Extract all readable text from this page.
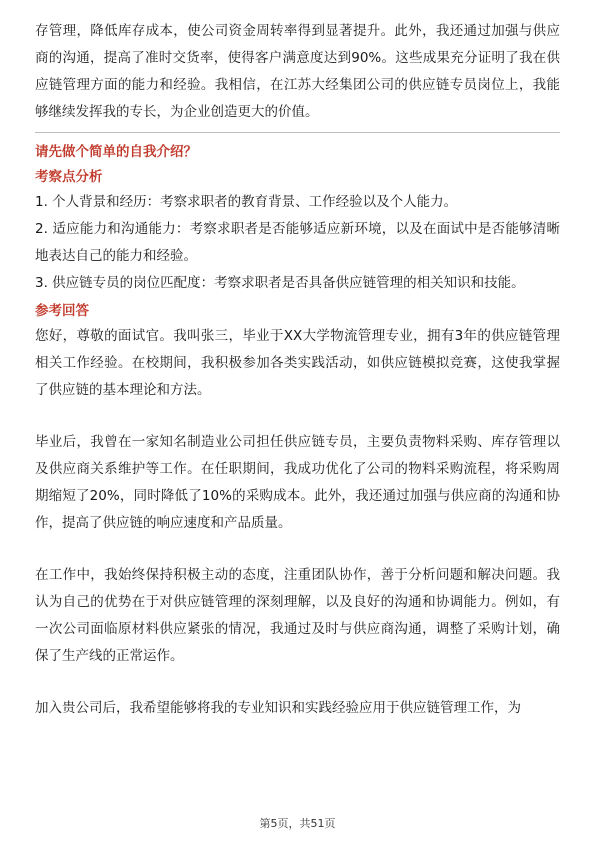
存管理，降低库存成本，使公司资金周转率得到显著提升。此外，我还通过加强与供应商的沟通，提高了准时交货率，使得客户满意度达到90%。这些成果充分证明了我在供应链管理方面的能力和经验。我相信，在江苏大经集团公司的供应链专员岗位上，我能够继续发挥我的专长，为企业创造更大的价值。

请先做个简单的自我介绍？

考察点分析

1. 个人背景和经历：考察求职者的教育背景、工作经验以及个人能力。

2. 适应能力和沟通能力：考察求职者是否能够适应新环境，以及在面试中是否能够清晰地表达自己的能力和经验。

3. 供应链专员的岗位匹配度：考察求职者是否具备供应链管理的相关知识和技能。

参考回答

您好，尊敬的面试官。我叫张三，毕业于XX大学物流管理专业，拥有3年的供应链管理相关工作经验。在校期间，我积极参加各类实践活动，如供应链模拟竞赛，这使我掌握了供应链的基本理论和方法。

毕业后，我曾在一家知名制造业公司担任供应链专员，主要负责物料采购、库存管理以及供应商关系维护等工作。在任职期间，我成功优化了公司的物料采购流程，将采购周期缩短了20%，同时降低了10%的采购成本。此外，我还通过加强与供应商的沟通和协作，提高了供应链的响应速度和产品质量。

在工作中，我始终保持积极主动的态度，注重团队协作，善于分析问题和解决问题。我认为自己的优势在于对供应链管理的深刻理解，以及良好的沟通和协调能力。例如，有一次公司面临原材料供应紧张的情况，我通过及时与供应商沟通，调整了采购计划，确保了生产线的正常运作。

加入贵公司后，我希望能够将我的专业知识和实践经验应用于供应链管理工作，为

第5页，共51页
